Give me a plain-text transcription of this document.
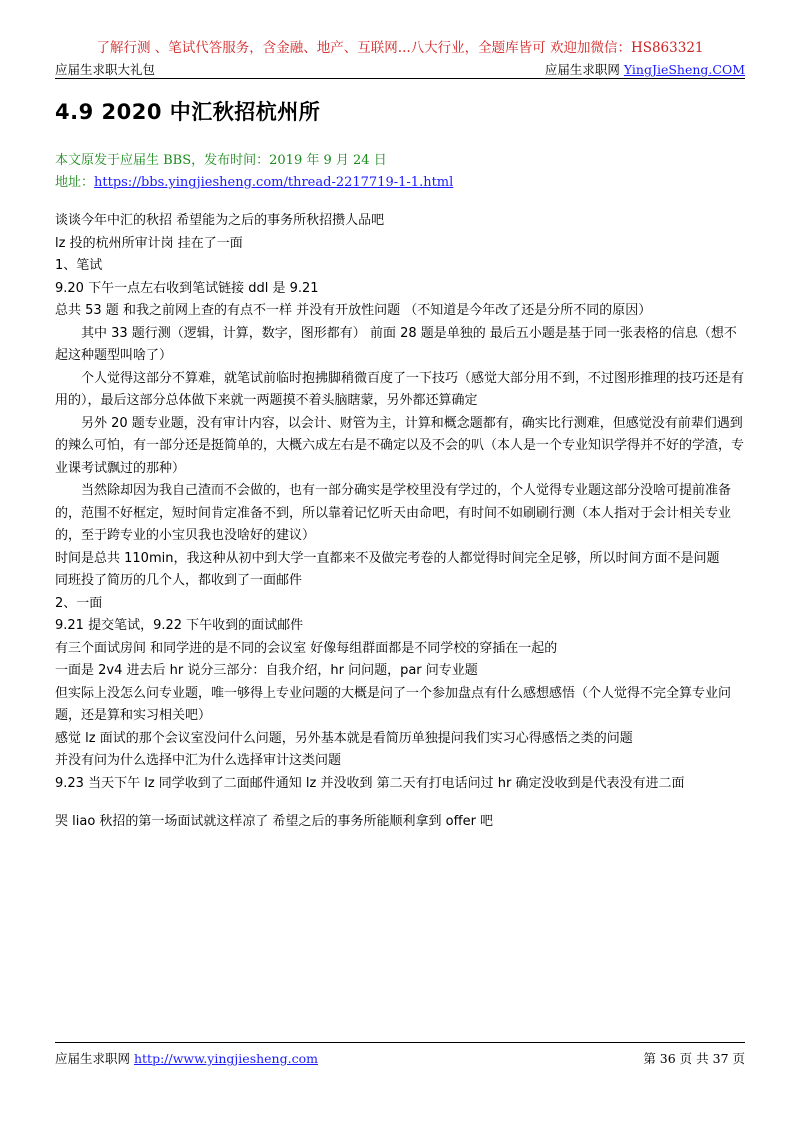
了解行测 、笔试代答服务，含金融、地产、互联网...八大行业，全题库皆可 欢迎加微信：HS863321
应届生求职大礼包	应届生求职网 YingJieSheng.COM
4.9 2020 中汇秋招杭州所
本文原发于应届生 BBS，发布时间：2019 年 9 月 24 日
地址：https://bbs.yingjiesheng.com/thread-2217719-1-1.html

谈谈今年中汇的秋招 希望能为之后的事务所秋招攒人品吧

lz 投的杭州所审计岗 挂在了一面

1、笔试

9.20 下午一点左右收到笔试链接 ddl 是 9.21

总共 53 题 和我之前网上查的有点不一样 并没有开放性问题 （不知道是今年改了还是分所不同的原因）

其中 33 题行测（逻辑，计算，数字，图形都有） 前面 28 题是单独的 最后五小题是基于同一张表格的信息（想不起这种题型叫啥了）

个人觉得这部分不算难，就笔试前临时抱拂脚稍微百度了一下技巧（感觉大部分用不到，不过图形推理的技巧还是有用的），最后这部分总体做下来就一两题摸不着头脑瞎蒙，另外都还算确定

另外 20 题专业题，没有审计内容，以会计、财管为主，计算和概念题都有，确实比行测难，但感觉没有前辈们遇到的辣么可怕，有一部分还是挺简单的，大概六成左右是不确定以及不会的叭（本人是一个专业知识学得并不好的学渣，专业课考试飘过的那种）

当然除却因为我自己渣而不会做的，也有一部分确实是学校里没有学过的，个人觉得专业题这部分没啥可提前准备的，范围不好框定，短时间肯定准备不到，所以靠着记忆听天由命吧，有时间不如刷刷行测（本人指对于会计相关专业的，至于跨专业的小宝贝我也没啥好的建议）

时间是总共 110min，我这种从初中到大学一直都来不及做完考卷的人都觉得时间完全足够，所以时间方面不是问题

同班投了简历的几个人，都收到了一面邮件

2、一面

9.21 提交笔试，9.22 下午收到的面试邮件

有三个面试房间 和同学进的是不同的会议室 好像每组群面都是不同学校的穿插在一起的

一面是 2v4 进去后 hr 说分三部分：自我介绍，hr 问问题，par 问专业题

但实际上没怎么问专业题，唯一够得上专业问题的大概是问了一个参加盘点有什么感想感悟（个人觉得不完全算专业问题，还是算和实习相关吧）

感觉 lz 面试的那个会议室没问什么问题，另外基本就是看简历单独提问我们实习心得感悟之类的问题

并没有问为什么选择中汇为什么选择审计这类问题

9.23 当天下午 lz 同学收到了二面邮件通知 lz 并没收到 第二天有打电话问过 hr 确定没收到是代表没有进二面

哭 liao 秋招的第一场面试就这样凉了 希望之后的事务所能顺利拿到 offer 吧

应届生求职网 http://www.yingjiesheng.com	第 36 页 共 37 页
